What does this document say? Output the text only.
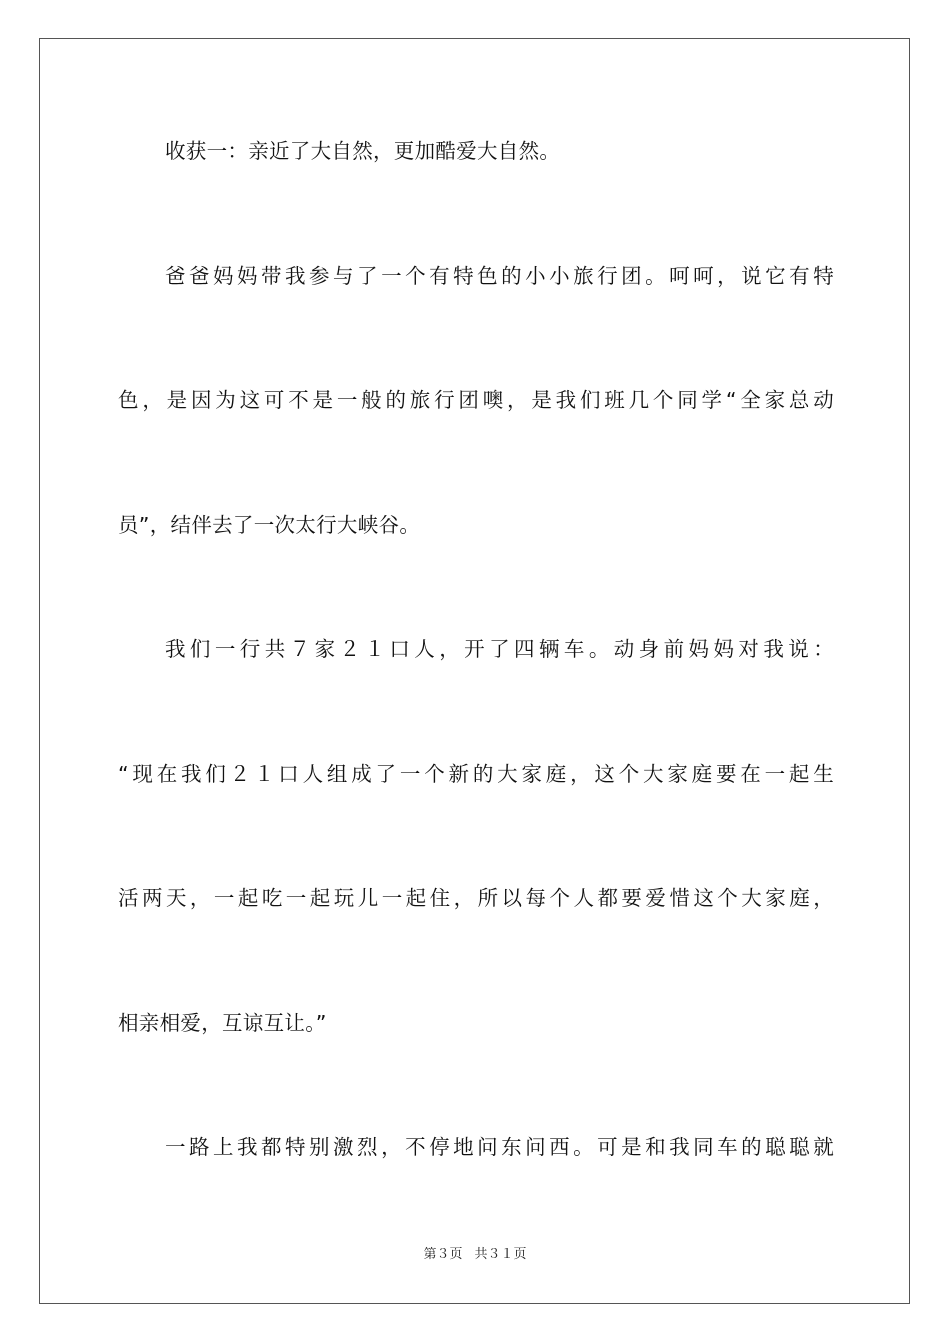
收获一：亲近了大自然，更加酷爱大自然。
爸爸妈妈带我参与了一个有特色的小小旅行团。呵呵，说它有特
色，是因为这可不是一般的旅行团噢，是我们班几个同学“全家总动
员”，结伴去了一次太行大峡谷。
我们一行共７家２１口人，开了四辆车。动身前妈妈对我说：
“现在我们２１口人组成了一个新的大家庭，这个大家庭要在一起生
活两天，一起吃一起玩儿一起住，所以每个人都要爱惜这个大家庭，
相亲相爱，互谅互让。”
一路上我都特别激烈，不停地问东问西。可是和我同车的聪聪就
第３页 共３１页
